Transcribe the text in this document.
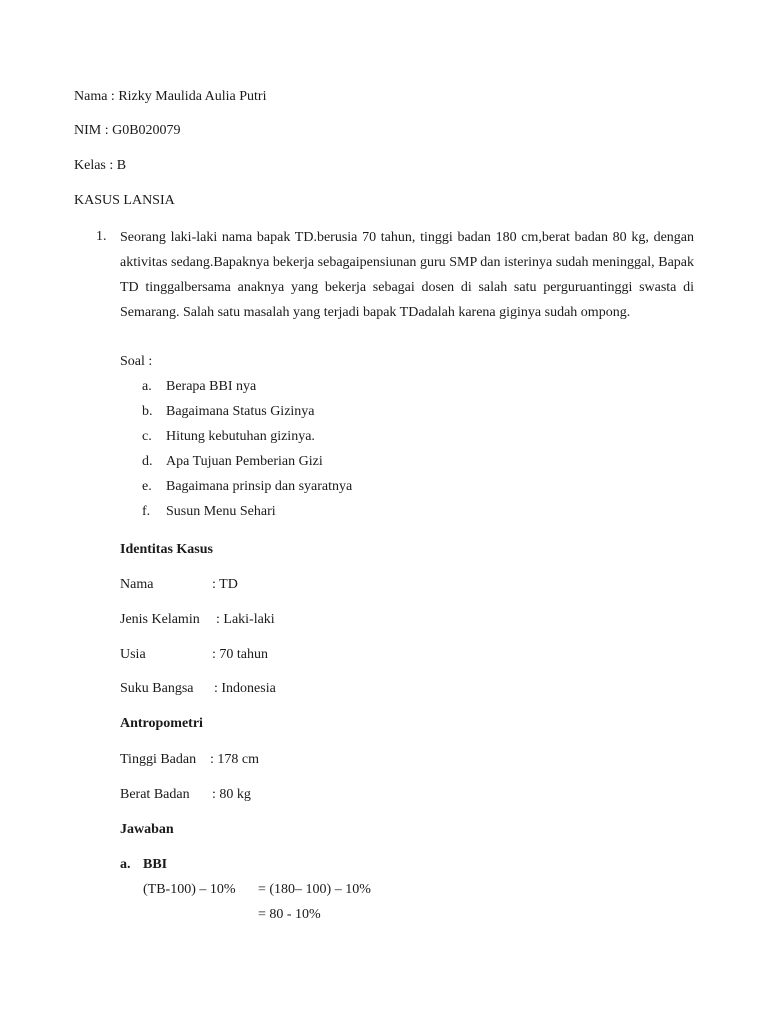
Nama : Rizky Maulida Aulia Putri
NIM : G0B020079
Kelas : B
KASUS LANSIA
1. Seorang laki-laki nama bapak TD.berusia 70 tahun, tinggi badan 180 cm,berat badan 80 kg, dengan aktivitas sedang.Bapaknya bekerja sebagaipensiunan guru SMP dan isterinya sudah meninggal, Bapak TD tinggalbersama anaknya yang bekerja sebagai dosen di salah satu perguruantinggi swasta di Semarang. Salah satu masalah yang terjadi bapak TDadalah karena giginya sudah ompong.
Soal :
a. Berapa BBI nya
b. Bagaimana Status Gizinya
c. Hitung kebutuhan gizinya.
d. Apa Tujuan Pemberian Gizi
e. Bagaimana prinsip dan syaratnya
f. Susun Menu Sehari
Identitas Kasus
Nama	: TD
Jenis Kelamin : Laki-laki
Usia	: 70 tahun
Suku Bangsa : Indonesia
Antropometri
Tinggi Badan : 178 cm
Berat Badan : 80 kg
Jawaban
a. BBI
(TB-100) – 10% = (180– 100) – 10%
= 80 - 10%
